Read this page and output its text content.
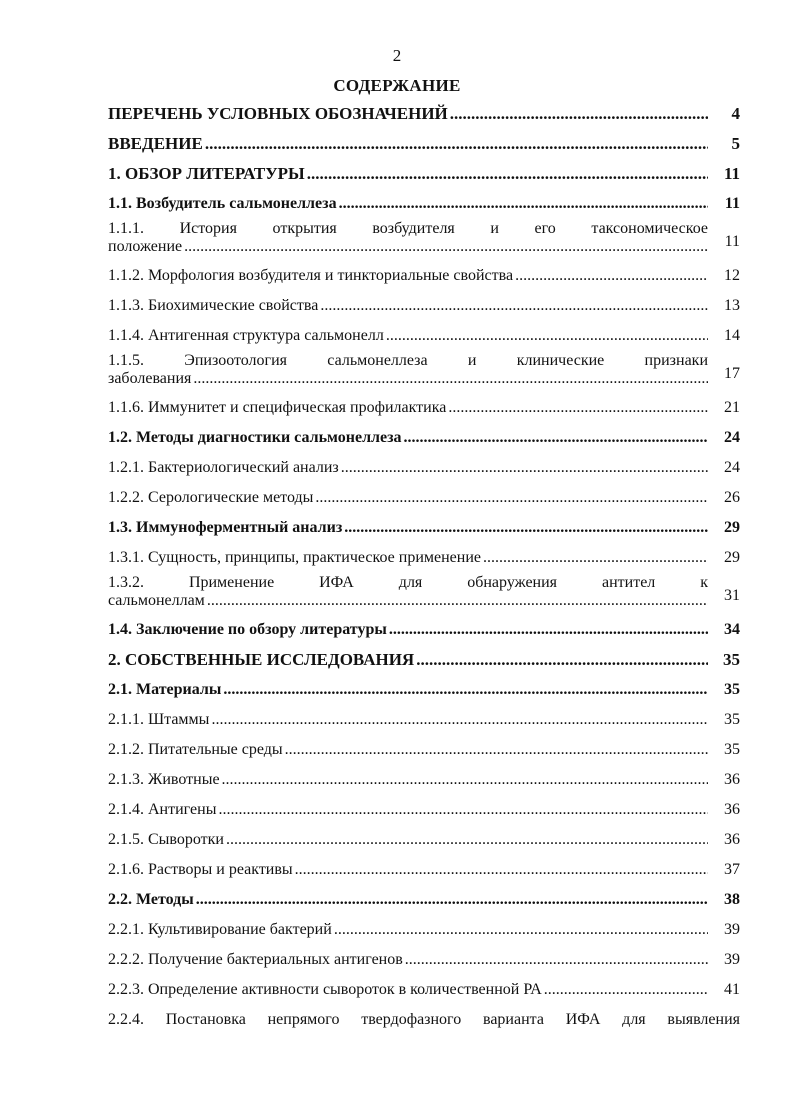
2
СОДЕРЖАНИЕ
ПЕРЕЧЕНЬ УСЛОВНЫХ ОБОЗНАЧЕНИЙ .....	4
ВВЕДЕНИЕ .....	5
1. ОБЗОР ЛИТЕРАТУРЫ .....	11
1.1. Возбудитель сальмонеллеза .....	11
1.1.1. История открытия возбудителя и его таксономическое
положение .....	11
1.1.2. Морфология возбудителя и тинкториальные свойства .....	12
1.1.3. Биохимические свойства .....	13
1.1.4. Антигенная структура сальмонелл .....	14
1.1.5. Эпизоотология сальмонеллеза и клинические признаки
заболевания .....	17
1.1.6. Иммунитет и специфическая профилактика .....	21
1.2. Методы диагностики сальмонеллеза .....	24
1.2.1. Бактериологический анализ .....	24
1.2.2. Серологические методы .....	26
1.3. Иммуноферментный анализ .....	29
1.3.1. Сущность, принципы, практическое применение .....	29
1.3.2. Применение ИФА для обнаружения антител к
сальмонеллам .....	31
1.4. Заключение по обзору литературы .....	34
2. СОБСТВЕННЫЕ ИССЛЕДОВАНИЯ .....	35
2.1. Материалы .....	35
2.1.1. Штаммы .....	35
2.1.2. Питательные среды .....	35
2.1.3. Животные .....	36
2.1.4. Антигены .....	36
2.1.5. Сыворотки .....	36
2.1.6. Растворы и реактивы .....	37
2.2. Методы .....	38
2.2.1. Культивирование бактерий .....	39
2.2.2. Получение бактериальных антигенов .....	39
2.2.3. Определение активности сывороток в количественной РА .....	41
2.2.4. Постановка непрямого твердофазного варианта ИФА для выявления
